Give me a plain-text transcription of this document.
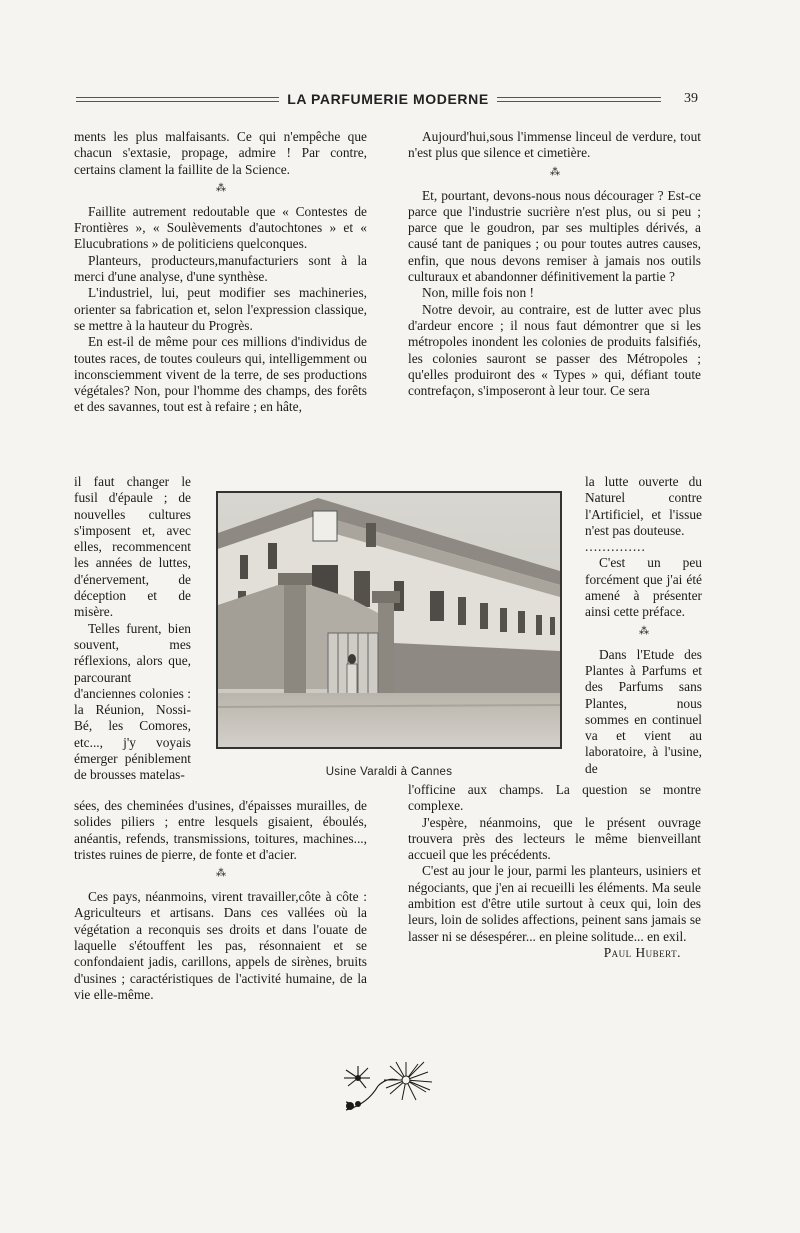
LA PARFUMERIE MODERNE	39

ments les plus malfaisants. Ce qui n'empêche que chacun s'extasie, propage, admire ! Par contre, certains clament la faillite de la Science.

⁂

Faillite autrement redoutable que « Contestes de Frontières », « Soulèvements d'autochtones » et « Elucubrations » de politiciens quelconques.

Planteurs, producteurs,manufacturiers sont à la merci d'une analyse, d'une synthèse.

L'industriel, lui, peut modifier ses machineries, orienter sa fabrication et, selon l'expression classique, se mettre à la hauteur du Progrès.

En est-il de même pour ces millions d'individus de toutes races, de toutes couleurs qui, intelligemment ou inconsciemment vivent de la terre, de ses productions végétales? Non, pour l'homme des champs, des forêts et des savannes, tout est à refaire ; en hâte,

il faut changer le fusil d'épaule ; de nouvelles cultures s'imposent et, avec elles, recommencent les années de luttes, d'énervement, de déception et de misère.

Telles furent, bien souvent, mes réflexions, alors que, parcourant d'anciennes colonies : la Réunion, Nossi-Bé, les Comores, etc..., j'y voyais émerger péniblement de brousses matelas-	Usine Varaldi à Cannes

sées, des cheminées d'usines, d'épaisses murailles, de solides piliers ; entre lesquels gisaient, éboulés, anéantis, refends, transmissions, toitures, machines..., tristes ruines de pierre, de fonte et d'acier.

⁂

Ces pays, néanmoins, virent travailler,côte à côte : Agriculteurs et artisans. Dans ces vallées où la végétation a reconquis ses droits et dans l'ouate de laquelle s'étouffent les pas, résonnaient et se confondaient jadis, carillons, appels de sirènes, bruits d'usines ; caractéristiques de l'activité humaine, de la vie elle-même.

Aujourd'hui,sous l'immense linceul de verdure, tout n'est plus que silence et cimetière.

⁂

Et, pourtant, devons-nous nous décourager ? Est-ce parce que l'industrie sucrière n'est plus, ou si peu ; parce que le goudron, par ses multiples dérivés, a causé tant de paniques ; ou pour toutes autres causes, enfin, que nous devons remiser à jamais nos outils culturaux et abandonner définitivement la partie ?

Non, mille fois non !

Notre devoir, au contraire, est de lutter avec plus d'ardeur encore ; il nous faut démontrer que si les métropoles inondent les colonies de produits falsifiés, les colonies sauront se passer des Métropoles ; qu'elles produiront des « Types » qui, défiant toute contrefaçon, s'imposeront à leur tour. Ce sera

la lutte ouverte du Naturel contre l'Artificiel, et l'issue n'est pas douteuse.

..............

C'est un peu forcément que j'ai été amené à présenter ainsi cette préface.

⁂

Dans l'Etude des Plantes à Parfums et des Parfums sans Plantes, nous sommes en continuel va et vient au laboratoire, à l'usine, de

l'officine aux champs. La question se montre complexe.

J'espère, néanmoins, que le présent ouvrage trouvera près des lecteurs le même bienveillant accueil que les précédents.

C'est au jour le jour, parmi les planteurs, usiniers et négociants, que j'en ai recueilli les éléments. Ma seule ambition est d'être utile surtout à ceux qui, loin des leurs, loin de solides affections, peinent sans jamais se lasser ni se désespérer... en pleine solitude... en exil.

Paul Hubert.
